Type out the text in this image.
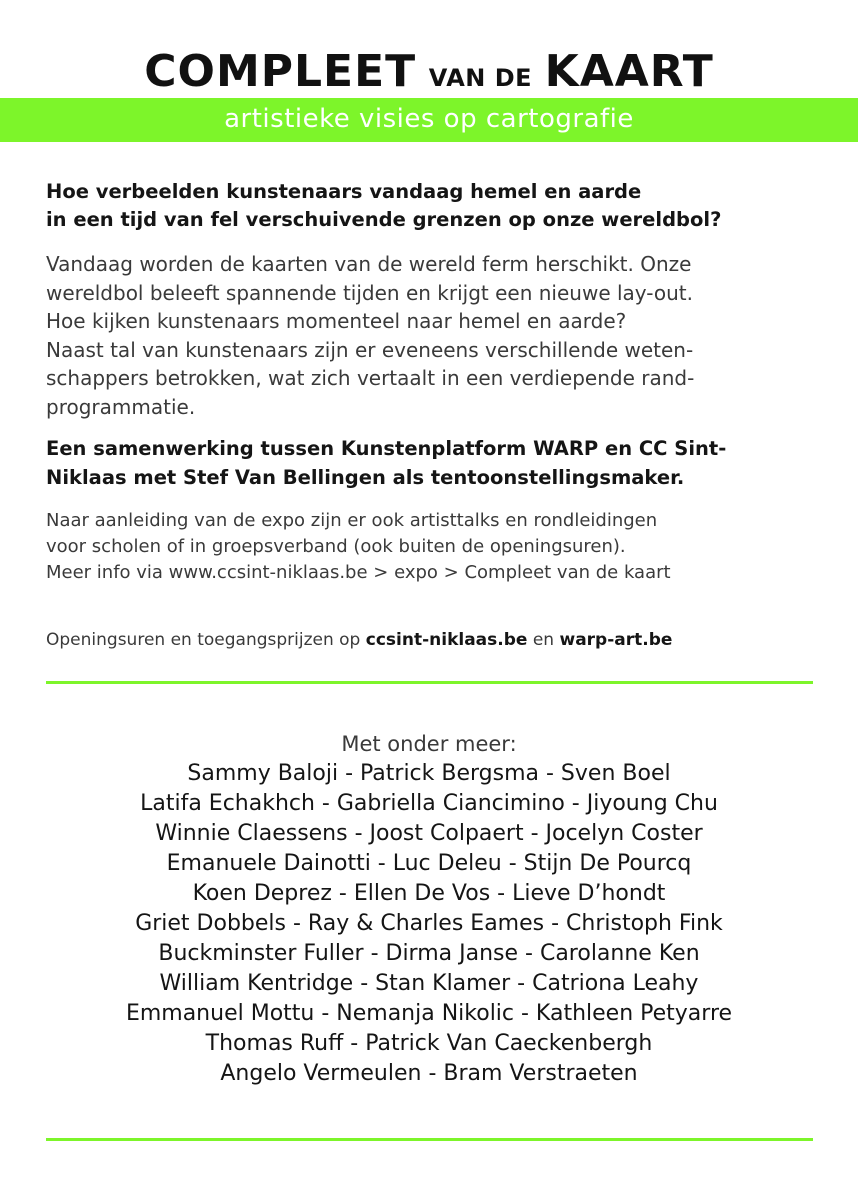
COMPLEET VAN DE KAART
artistieke visies op cartografie
Hoe verbeelden kunstenaars vandaag hemel en aarde
in een tijd van fel verschuivende grenzen op onze wereldbol?
Vandaag worden de kaarten van de wereld ferm herschikt. Onze
wereldbol beleeft spannende tijden en krijgt een nieuwe lay-out.
Hoe kijken kunstenaars momenteel naar hemel en aarde?
Naast tal van kunstenaars zijn er eveneens verschillende weten-
schappers betrokken, wat zich vertaalt in een verdiepende rand-
programmatie.
Een samenwerking tussen Kunstenplatform WARP en CC Sint-
Niklaas met Stef Van Bellingen als tentoonstellingsmaker.
Naar aanleiding van de expo zijn er ook artisttalks en rondleidingen
voor scholen of in groepsverband (ook buiten de openingsuren).
Meer info via www.ccsint-niklaas.be > expo > Compleet van de kaart
Openingsuren en toegangsprijzen op ccsint-niklaas.be en warp-art.be
Met onder meer:
Sammy Baloji - Patrick Bergsma - Sven Boel
Latifa Echakhch - Gabriella Ciancimino - Jiyoung Chu
Winnie Claessens - Joost Colpaert - Jocelyn Coster
Emanuele Dainotti - Luc Deleu - Stijn De Pourcq
Koen Deprez - Ellen De Vos - Lieve D’hondt
Griet Dobbels - Ray & Charles Eames - Christoph Fink
Buckminster Fuller - Dirma Janse - Carolanne Ken
William Kentridge - Stan Klamer - Catriona Leahy
Emmanuel Mottu - Nemanja Nikolic - Kathleen Petyarre
Thomas Ruff - Patrick Van Caeckenbergh
Angelo Vermeulen - Bram Verstraeten
